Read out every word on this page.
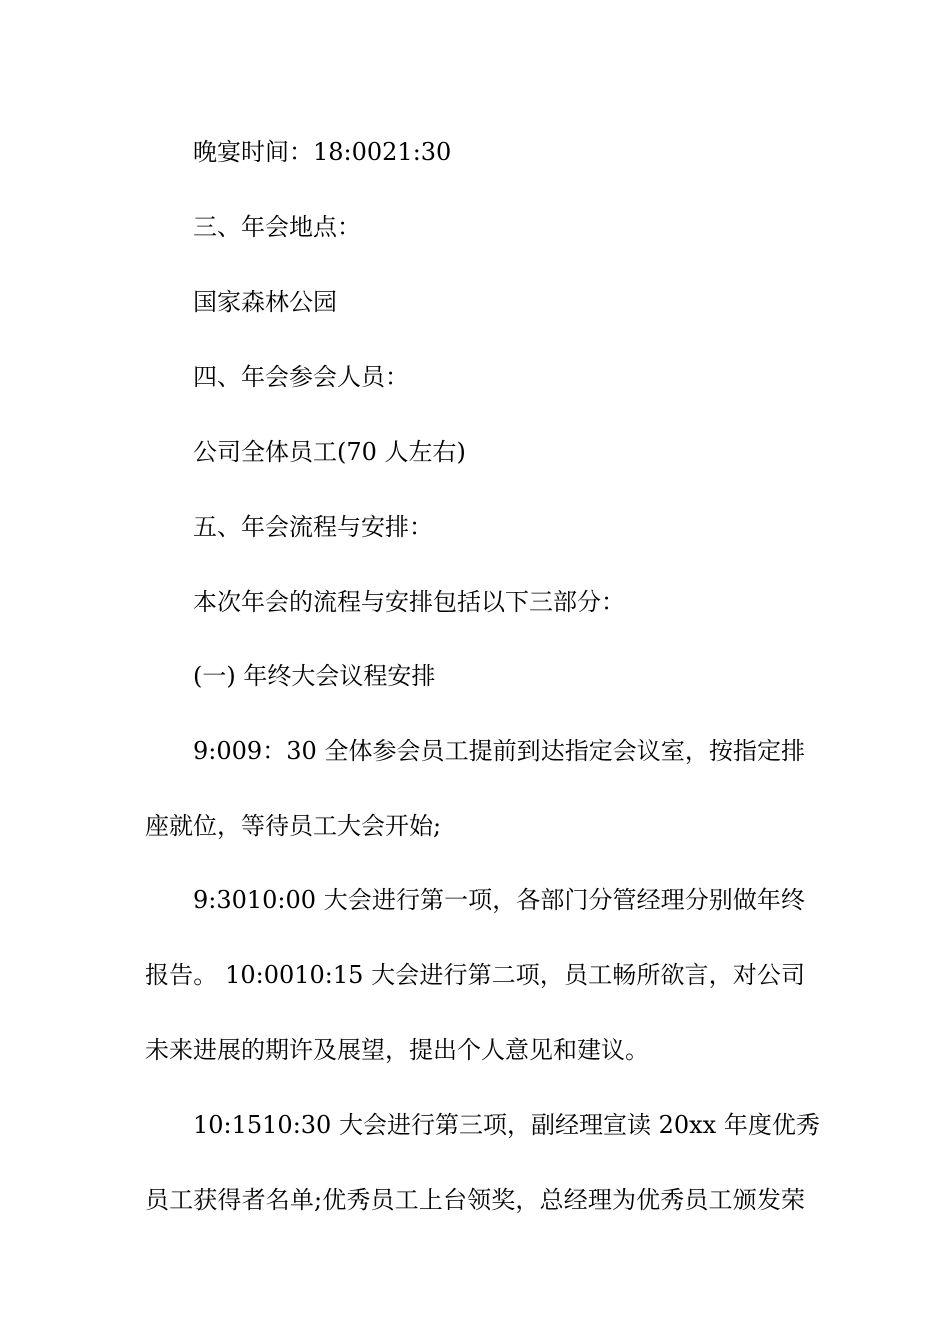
晚宴时间：18:0021:30
三、年会地点：
国家森林公园
四、年会参会人员：
公司全体员工(70 人左右)
五、年会流程与安排：
本次年会的流程与安排包括以下三部分：
(一) 年终大会议程安排
9:009：30 全体参会员工提前到达指定会议室，按指定排
座就位，等待员工大会开始;
9:3010:00 大会进行第一项，各部门分管经理分别做年终
报告。 10:0010:15 大会进行第二项，员工畅所欲言，对公司
未来进展的期许及展望，提出个人意见和建议。
10:1510:30 大会进行第三项，副经理宣读 20xx 年度优秀
员工获得者名单;优秀员工上台领奖，总经理为优秀员工颁发荣
